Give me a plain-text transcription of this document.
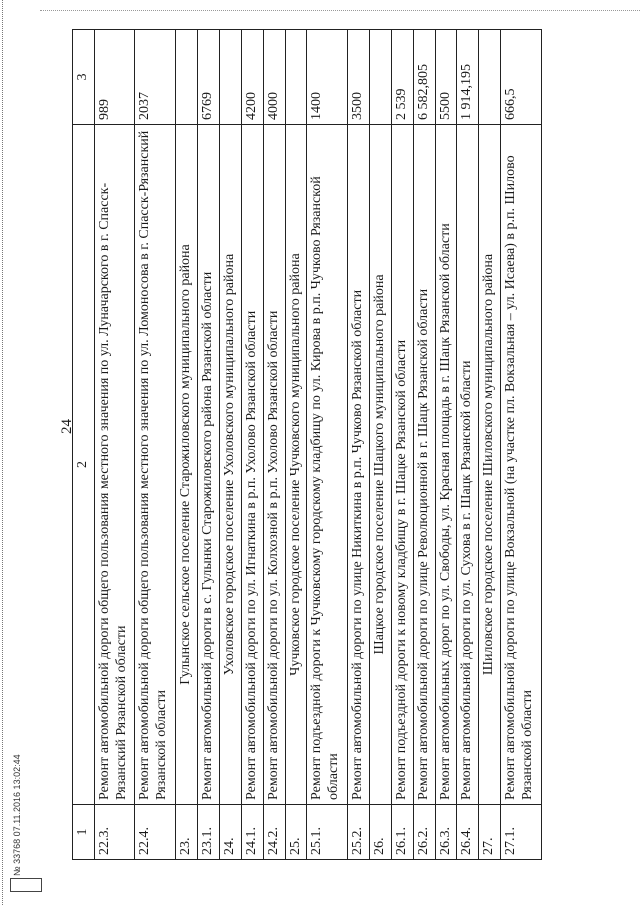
24
1	2	3
22.3.	Ремонт автомобильной дороги общего пользования местного значения по ул. Луначарского в г. Спасск-Рязанский Рязанской области	989
22.4.	Ремонт автомобильной дороги общего пользования местного значения по ул. Ломоносова в г. Спасск-Рязанский Рязанской области	2037
23.	Гулынское сельское поселение Старожиловского муниципального района	
23.1.	Ремонт автомобильной дороги в с. Гулынки Старожиловского района Рязанской области	6769
24.	Ухоловское городское поселение Ухоловского муниципального района	
24.1.	Ремонт автомобильной дороги по ул. Игнаткина в р.п. Ухолово Рязанской области	4200
24.2.	Ремонт автомобильной дороги по ул. Колхозной в р.п. Ухолово Рязанской области	4000
25.	Чучковское городское поселение Чучковского муниципального района	
25.1.	Ремонт подъездной дороги к Чучковскому городскому кладбищу по ул. Кирова в р.п. Чучково Рязанской области	1400
25.2.	Ремонт автомобильной дороги по улице Никиткина в р.п. Чучково Рязанской области	3500
26.	Шацкое городское поселение Шацкого муниципального района	
26.1.	Ремонт подъездной дороги к новому кладбищу в г. Шацке Рязанской области	2 539
26.2.	Ремонт автомобильной дороги по улице Революционной в г. Шацк Рязанской области	6 582,805
26.3.	Ремонт автомобильных дорог по ул. Свободы, ул. Красная площадь в г. Шацк Рязанской области	5500
26.4.	Ремонт автомобильной дороги по ул. Сухова в г. Шацк Рязанской области	1 914,195
27.	Шиловское городское поселение Шиловского муниципального района	
27.1.	Ремонт автомобильной дороги по улице Вокзальной (на участке пл. Вокзальная – ул. Исаева) в р.п. Шилово Рязанской области	666,5
№ 33768 07.11.2016 13:02:44
